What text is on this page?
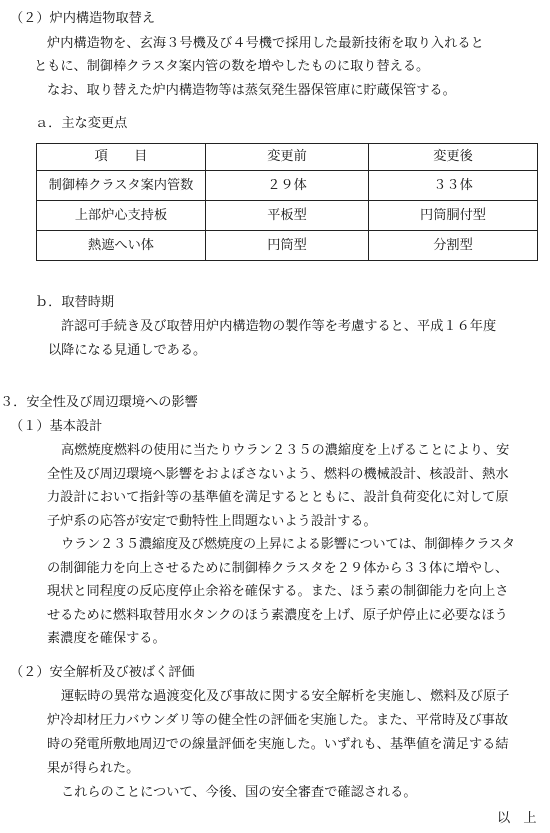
（２）炉内構造物取替え
炉内構造物を、玄海３号機及び４号機で採用した最新技術を取り入れると
ともに、制御棒クラスタ案内管の数を増やしたものに取り替える。
なお、取り替えた炉内構造物等は蒸気発生器保管庫に貯蔵保管する。
ａ．主な変更点
項　　目	変更前	変更後
制御棒クラスタ案内管数	２９体	３３体
上部炉心支持板	平板型	円筒胴付型
熱遮へい体	円筒型	分割型
ｂ．取替時期
許認可手続き及び取替用炉内構造物の製作等を考慮すると、平成１６年度
以降になる見通しである。
３．安全性及び周辺環境への影響
（１）基本設計
高燃焼度燃料の使用に当たりウラン２３５の濃縮度を上げることにより、安
全性及び周辺環境へ影響をおよぼさないよう、燃料の機械設計、核設計、熱水
力設計において指針等の基準値を満足するとともに、設計負荷変化に対して原
子炉系の応答が安定で動特性上問題ないよう設計する。
ウラン２３５濃縮度及び燃焼度の上昇による影響については、制御棒クラスタ
の制御能力を向上させるために制御棒クラスタを２９体から３３体に増やし、
現状と同程度の反応度停止余裕を確保する。また、ほう素の制御能力を向上さ
せるために燃料取替用水タンクのほう素濃度を上げ、原子炉停止に必要なほう
素濃度を確保する。
（２）安全解析及び被ばく評価
運転時の異常な過渡変化及び事故に関する安全解析を実施し、燃料及び原子
炉冷却材圧力バウンダリ等の健全性の評価を実施した。また、平常時及び事故
時の発電所敷地周辺での線量評価を実施した。いずれも、基準値を満足する結
果が得られた。
これらのことについて、今後、国の安全審査で確認される。
以　上
